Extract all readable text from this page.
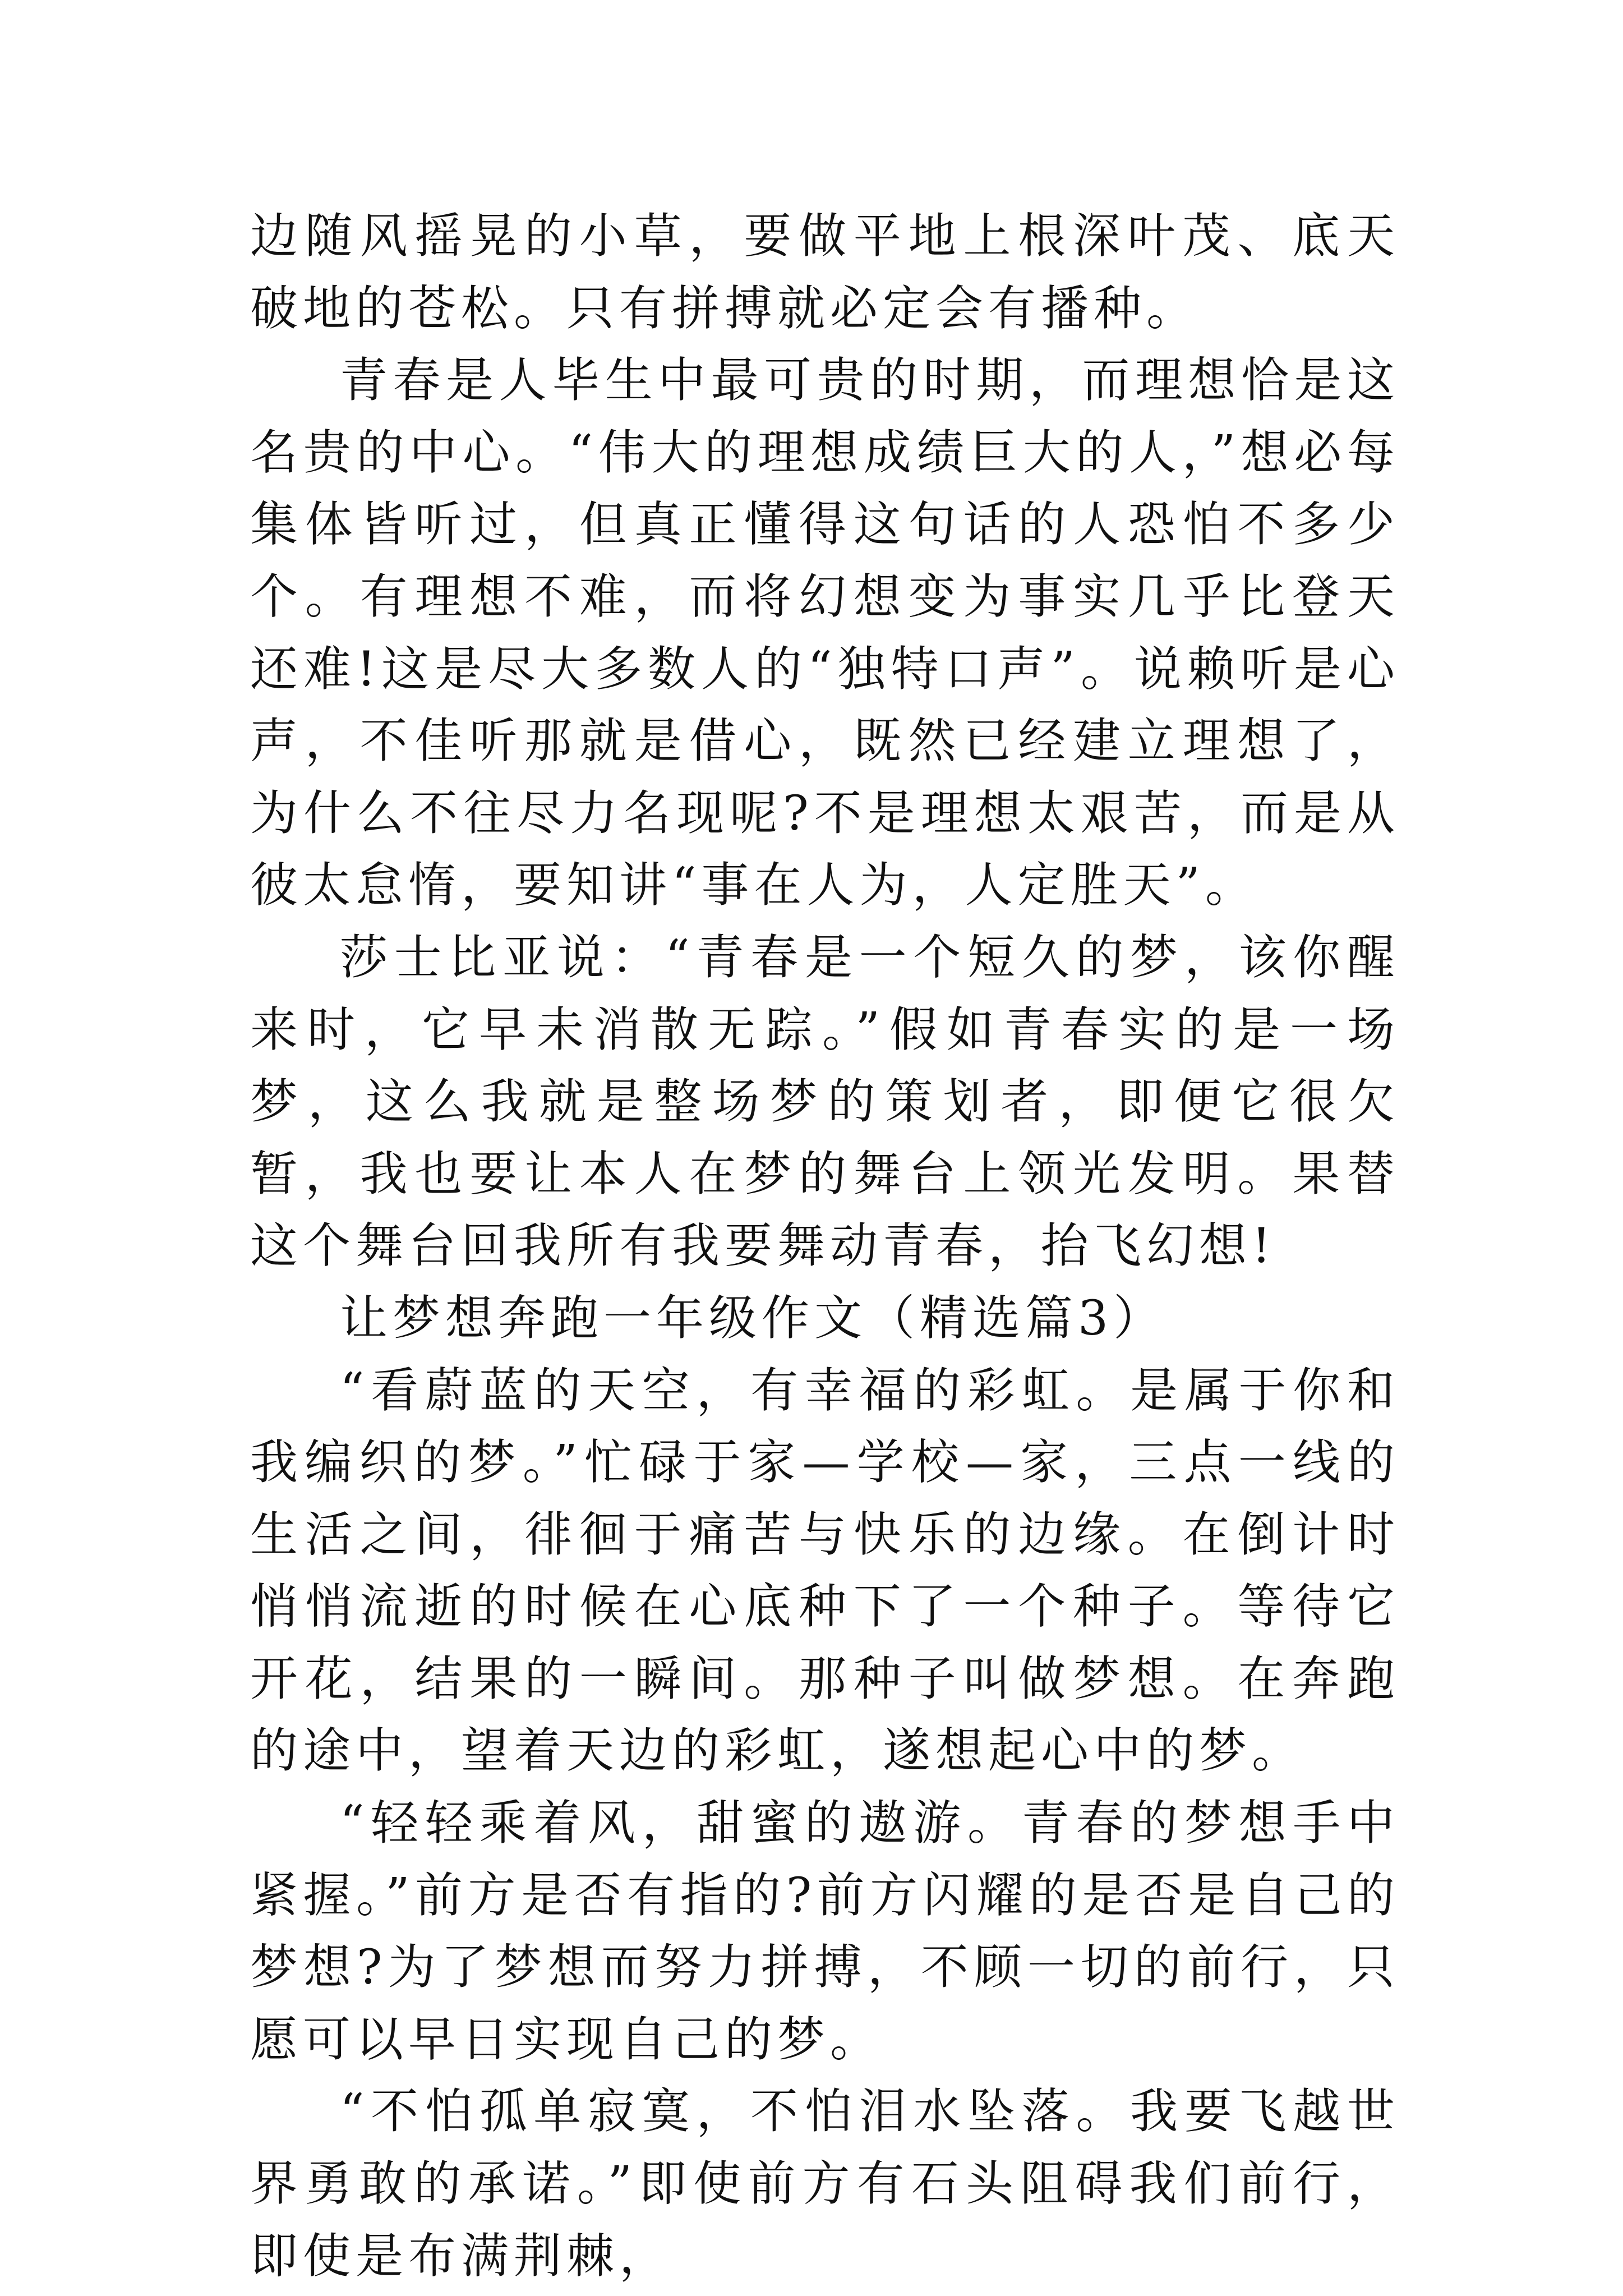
边随风摇晃的小草，要做平地上根深叶茂、底天破地的苍松。只有拼搏就必定会有播种。

青春是人毕生中最可贵的时期，而理想恰是这名贵的中心。“伟大的理想成绩巨大的人，”想必每集体皆听过，但真正懂得这句话的人恐怕不多少个。有理想不难，而将幻想变为事实几乎比登天还难!这是尽大多数人的“独特口声”。说赖听是心声，不佳听那就是借心，既然已经建立理想了，为什么不往尽力名现呢?不是理想太艰苦，而是从彼太怠惰，要知讲“事在人为，人定胜天”。

莎士比亚说：“青春是一个短久的梦，该你醒来时，它早未消散无踪。”假如青春实的是一场梦，这么我就是整场梦的策划者，即便它很欠暂，我也要让本人在梦的舞台上领光发明。果替这个舞台回我所有我要舞动青春，抬飞幻想!

让梦想奔跑一年级作文（精选篇3）

“看蔚蓝的天空，有幸福的彩虹。是属于你和我编织的梦。”忙碌于家—学校—家，三点一线的生活之间，徘徊于痛苦与快乐的边缘。在倒计时悄悄流逝的时候在心底种下了一个种子。等待它开花，结果的一瞬间。那种子叫做梦想。在奔跑的途中，望着天边的彩虹，遂想起心中的梦。

“轻轻乘着风，甜蜜的遨游。青春的梦想手中紧握。”前方是否有指的?前方闪耀的是否是自己的梦想?为了梦想而努力拼搏，不顾一切的前行，只愿可以早日实现自己的梦。

“不怕孤单寂寞，不怕泪水坠落。我要飞越世界勇敢的承诺。”即使前方有石头阻碍我们前行，即使是布满荆棘，
